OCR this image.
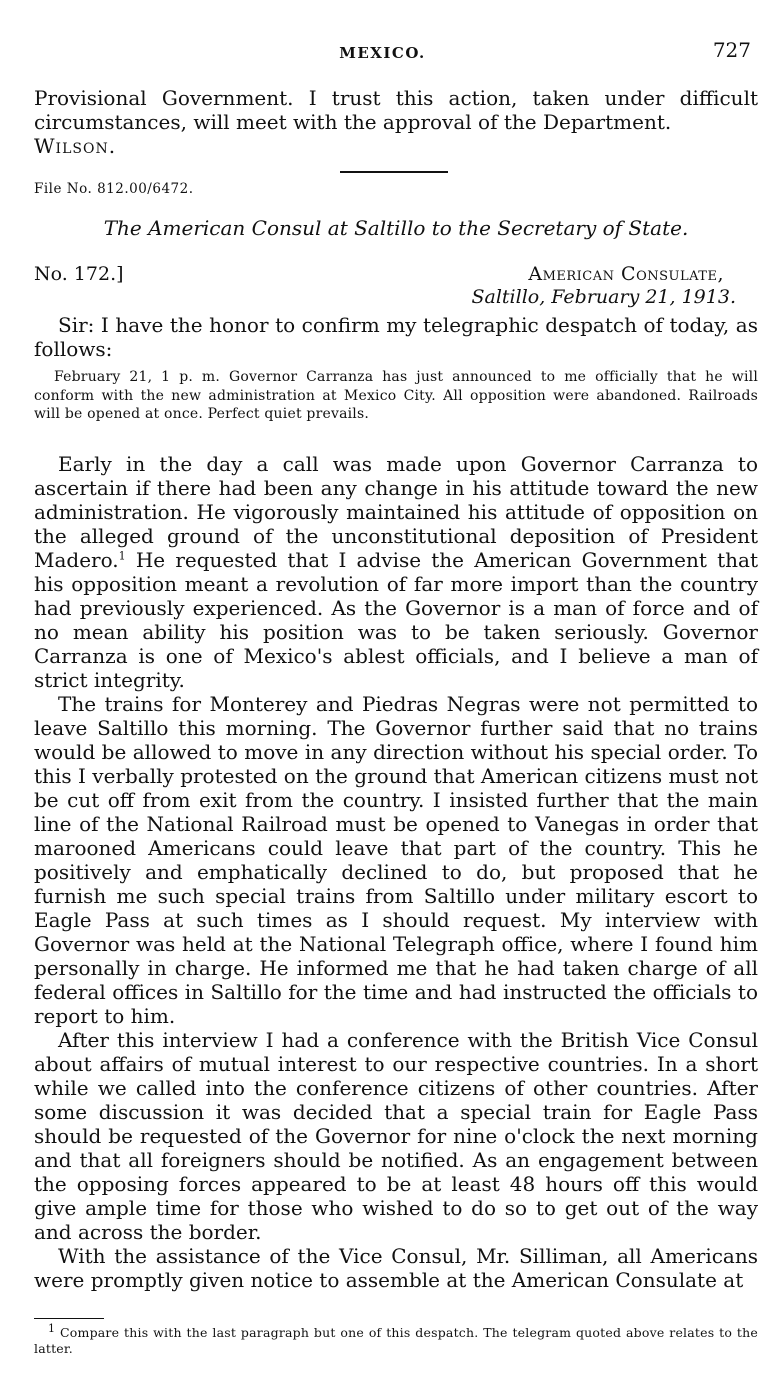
MEXICO.	727

Provisional Government. I trust this action, taken under difficult circumstances, will meet with the approval of the Department.

Wilson.

File No. 812.00/6472.
The American Consul at Saltillo to the Secretary of State.
No. 172.]	American Consulate,
Saltillo, February 21, 1913.

Sir: I have the honor to confirm my telegraphic despatch of today, as follows:

February 21, 1 p. m. Governor Carranza has just announced to me officially that he will conform with the new administration at Mexico City. All opposition were abandoned. Railroads will be opened at once. Perfect quiet prevails.

Early in the day a call was made upon Governor Carranza to ascertain if there had been any change in his attitude toward the new administration. He vigorously maintained his attitude of opposition on the alleged ground of the unconstitutional deposition of President Madero.$^1$ He requested that I advise the American Government that his opposition meant a revolution of far more import than the country had previously experienced. As the Governor is a man of force and of no mean ability his position was to be taken seriously. Governor Carranza is one of Mexico's ablest officials, and I believe a man of strict integrity.

The trains for Monterey and Piedras Negras were not permitted to leave Saltillo this morning. The Governor further said that no trains would be allowed to move in any direction without his special order. To this I verbally protested on the ground that American citizens must not be cut off from exit from the country. I insisted further that the main line of the National Railroad must be opened to Vanegas in order that marooned Americans could leave that part of the country. This he positively and emphatically declined to do, but proposed that he furnish me such special trains from Saltillo under military escort to Eagle Pass at such times as I should request. My interview with Governor was held at the National Telegraph office, where I found him personally in charge. He informed me that he had taken charge of all federal offices in Saltillo for the time and had instructed the officials to report to him.

After this interview I had a conference with the British Vice Consul about affairs of mutual interest to our respective countries. In a short while we called into the conference citizens of other countries. After some discussion it was decided that a special train for Eagle Pass should be requested of the Governor for nine o'clock the next morning and that all foreigners should be notified. As an engagement between the opposing forces appeared to be at least 48 hours off this would give ample time for those who wished to do so to get out of the way and across the border.

With the assistance of the Vice Consul, Mr. Silliman, all Americans were promptly given notice to assemble at the American Consulate at

$^1$ Compare this with the last paragraph but one of this despatch. The telegram quoted above relates to the latter.
